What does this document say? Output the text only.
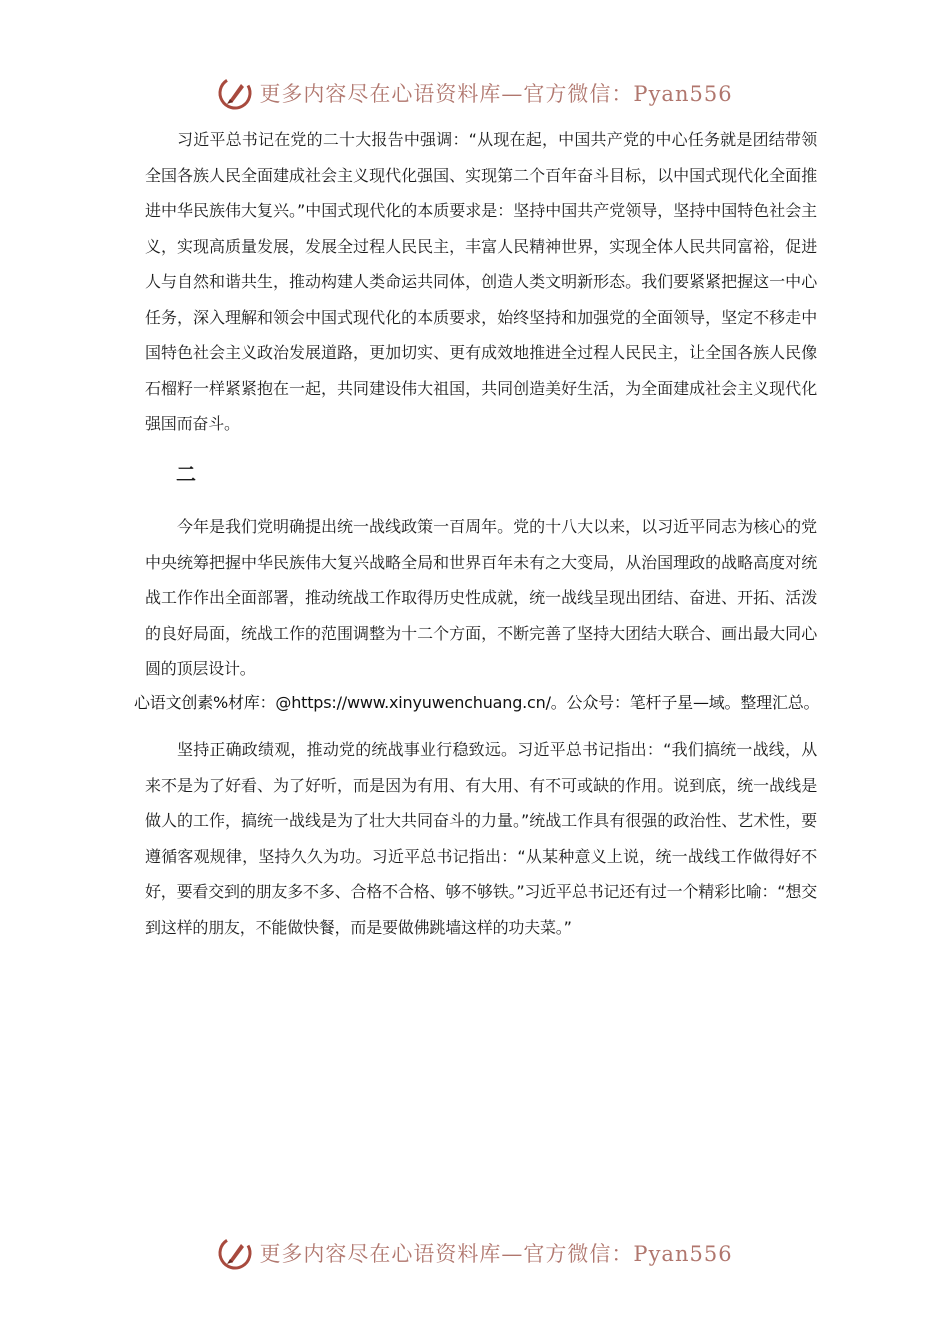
更多内容尽在心语资料库—官方微信：Pyan556

习近平总书记在党的二十大报告中强调：“从现在起，中国共产党的中心任务就是团结带领全国各族人民全面建成社会主义现代化强国、实现第二个百年奋斗目标，以中国式现代化全面推进中华民族伟大复兴。”中国式现代化的本质要求是：坚持中国共产党领导，坚持中国特色社会主义，实现高质量发展，发展全过程人民民主，丰富人民精神世界，实现全体人民共同富裕，促进人与自然和谐共生，推动构建人类命运共同体，创造人类文明新形态。我们要紧紧把握这一中心任务，深入理解和领会中国式现代化的本质要求，始终坚持和加强党的全面领导，坚定不移走中国特色社会主义政治发展道路，更加切实、更有成效地推进全过程人民民主，让全国各族人民像石榴籽一样紧紧抱在一起，共同建设伟大祖国，共同创造美好生活，为全面建成社会主义现代化强国而奋斗。

二

今年是我们党明确提出统一战线政策一百周年。党的十八大以来，以习近平同志为核心的党中央统筹把握中华民族伟大复兴战略全局和世界百年未有之大变局，从治国理政的战略高度对统战工作作出全面部署，推动统战工作取得历史性成就，统一战线呈现出团结、奋进、开拓、活泼的良好局面，统战工作的范围调整为十二个方面，不断完善了坚持大团结大联合、画出最大同心圆的顶层设计。

心语文创素%材库：@https://www.xinyuwenchuang.cn/。公众号：笔杆子星—域。整理汇总。

坚持正确政绩观，推动党的统战事业行稳致远。习近平总书记指出：“我们搞统一战线，从来不是为了好看、为了好听，而是因为有用、有大用、有不可或缺的作用。说到底，统一战线是做人的工作，搞统一战线是为了壮大共同奋斗的力量。”统战工作具有很强的政治性、艺术性，要遵循客观规律，坚持久久为功。习近平总书记指出：“从某种意义上说，统一战线工作做得好不好，要看交到的朋友多不多、合格不合格、够不够铁。”习近平总书记还有过一个精彩比喻：“想交到这样的朋友，不能做快餐，而是要做佛跳墙这样的功夫菜。”

更多内容尽在心语资料库—官方微信：Pyan556
